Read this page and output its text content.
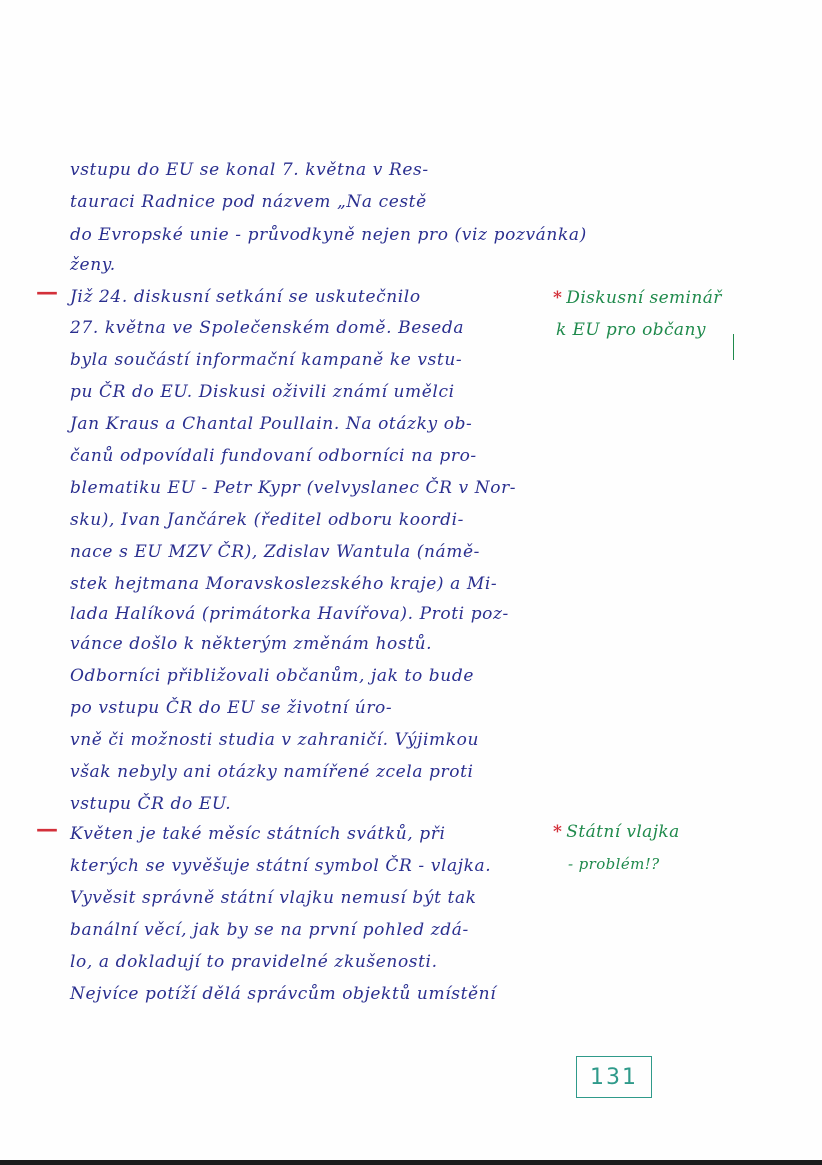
vstupu do EU se konal 7. května v Res-
tauraci Radnice pod názvem „Na cestě
do Evropské unie - průvodkyně nejen pro (viz pozvánka)
ženy.
— Již 24. diskusní setkání se uskutečnilo
27. května ve Společenském domě. Beseda
byla součástí informační kampaně ke vstu-
pu ČR do EU. Diskusi oživili známí umělci
Jan Kraus a Chantal Poullain. Na otázky ob-
čanů odpovídali fundovaní odborníci na pro-
blematiku EU - Petr Kypr (velvyslanec ČR v Nor-
sku), Ivan Jančárek (ředitel odboru koordi-
nace s EU MZV ČR), Zdislav Wantula (námě-
stek hejtmana Moravskoslezského kraje) a Mi-
lada Halíková (primátorka Havířova). Proti poz-
vánce došlo k některým změnám hostů.
Odborníci přibližovali občanům, jak to bude
po vstupu ČR do EU se životní úro-
vně či možnosti studia v zahraničí. Výjimkou
však nebyly ani otázky namířené zcela proti
vstupu ČR do EU.
— Květen je také měsíc státních svátků, při
kterých se vyvěšuje státní symbol ČR - vlajka.
Vyvěsit správně státní vlajku nemusí být tak
banální věcí, jak by se na první pohled zdá-
lo, a dokladují to pravidelné zkušenosti.
Nejvíce potíží dělá správcům objektů umístění
* Diskusní seminář
k EU pro občany
* Státní vlajka
- problém!?
131
